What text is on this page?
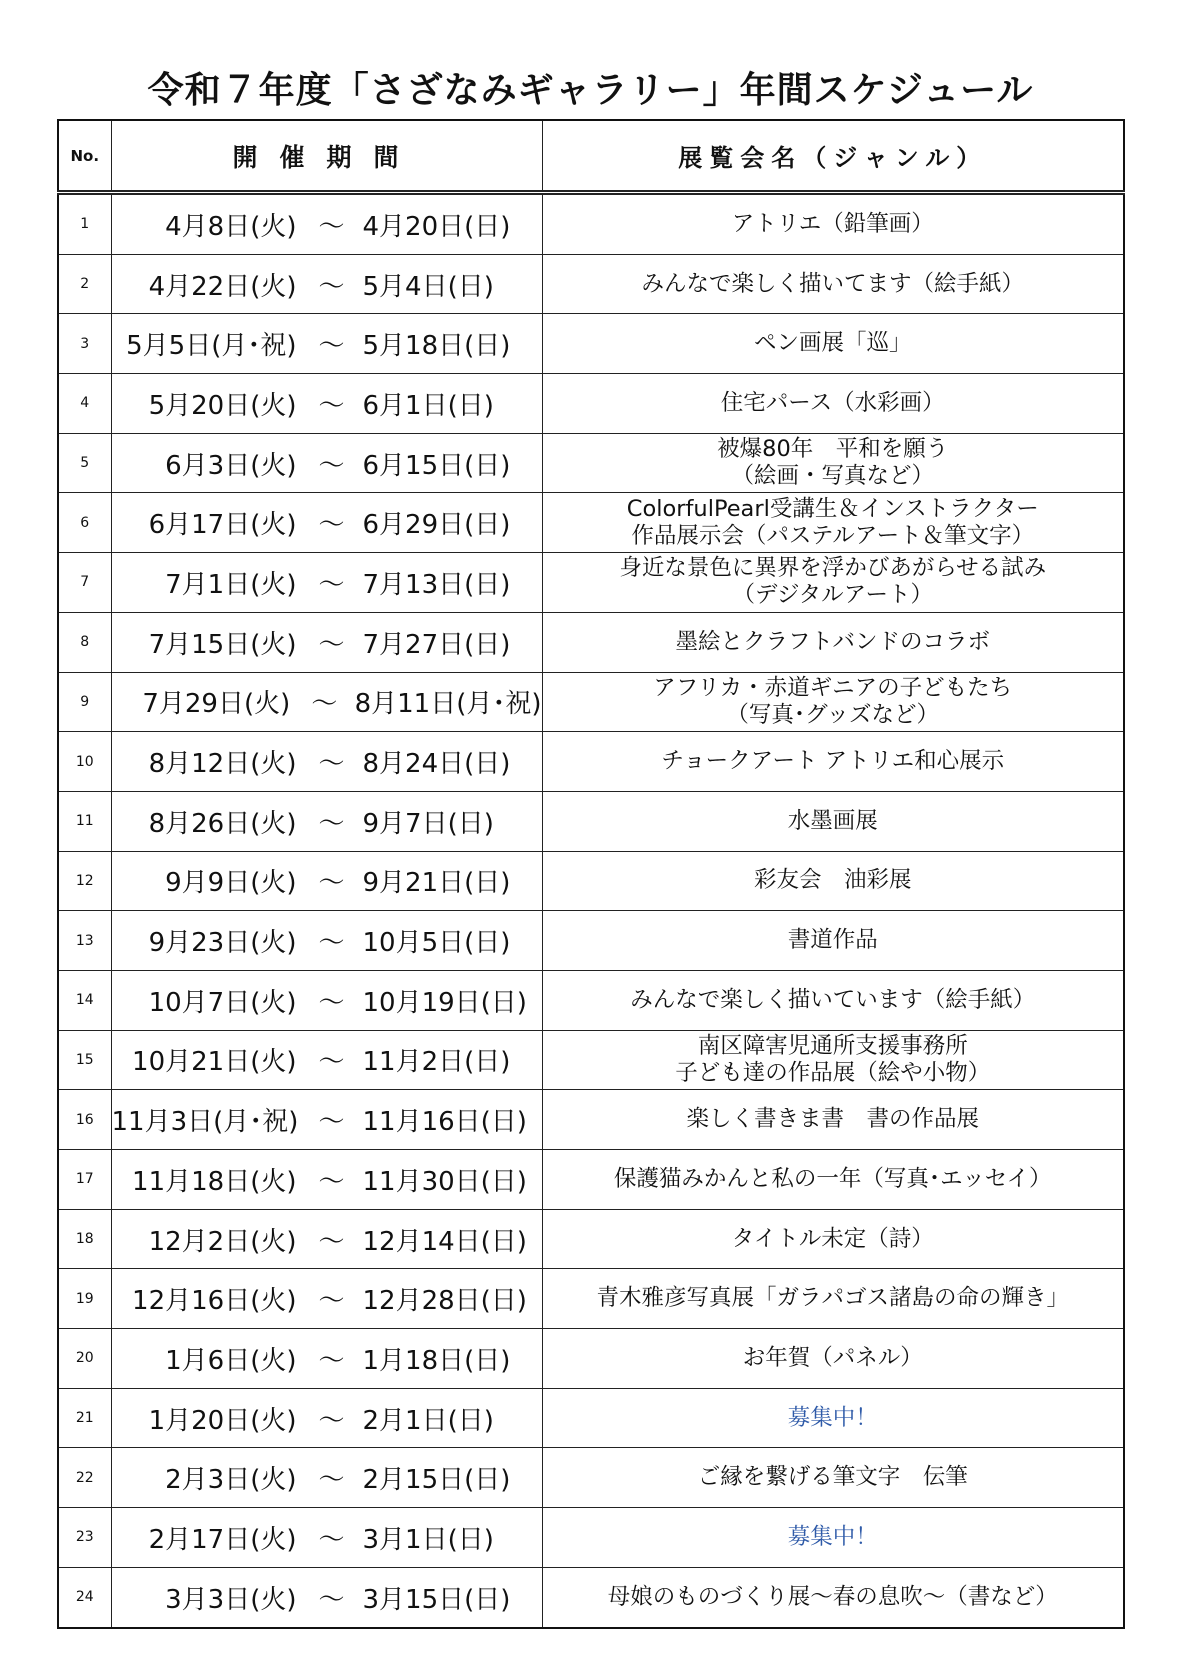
令和７年度「さざなみギャラリー」年間スケジュール
No.	開催期間	展覧会名（ジャンル）
1	4月8日(火) ～ 4月20日(日)	アトリエ（鉛筆画）
2	4月22日(火) ～ 5月4日(日)	みんなで楽しく描いてます（絵手紙）
3	5月5日(月･祝) ～ 5月18日(日)	ペン画展「巡」
4	5月20日(火) ～ 6月1日(日)	住宅パース（水彩画）
5	6月3日(火) ～ 6月15日(日)	被爆80年　平和を願う
（絵画・写真など）

6	6月17日(火) ～ 6月29日(日)	ColorfulPearl受講生＆インストラクター
作品展示会（パステルアート＆筆文字）

7	7月1日(火) ～ 7月13日(日)	身近な景色に異界を浮かびあがらせる試み
（デジタルアート）

8	7月15日(火) ～ 7月27日(日)	墨絵とクラフトバンドのコラボ
9	7月29日(火) ～ 8月11日(月･祝)	アフリカ・赤道ギニアの子どもたち
（写真･グッズなど）

10	8月12日(火) ～ 8月24日(日)	チョークアート アトリエ和心展示
11	8月26日(火) ～ 9月7日(日)	水墨画展
12	9月9日(火) ～ 9月21日(日)	彩友会　油彩展
13	9月23日(火) ～ 10月5日(日)	書道作品
14	10月7日(火) ～ 10月19日(日)	みんなで楽しく描いています（絵手紙）
15	10月21日(火) ～ 11月2日(日)	南区障害児通所支援事務所
子ども達の作品展（絵や小物）

16	11月3日(月･祝) ～ 11月16日(日)	楽しく書きま書　書の作品展
17	11月18日(火) ～ 11月30日(日)	保護猫みかんと私の一年（写真･エッセイ）
18	12月2日(火) ～ 12月14日(日)	タイトル未定（詩）
19	12月16日(火) ～ 12月28日(日)	青木雅彦写真展「ガラパゴス諸島の命の輝き」
20	1月6日(火) ～ 1月18日(日)	お年賀（パネル）
21	1月20日(火) ～ 2月1日(日)	募集中！
22	2月3日(火) ～ 2月15日(日)	ご縁を繋げる筆文字　伝筆
23	2月17日(火) ～ 3月1日(日)	募集中！
24	3月3日(火) ～ 3月15日(日)	母娘のものづくり展～春の息吹～（書など）
